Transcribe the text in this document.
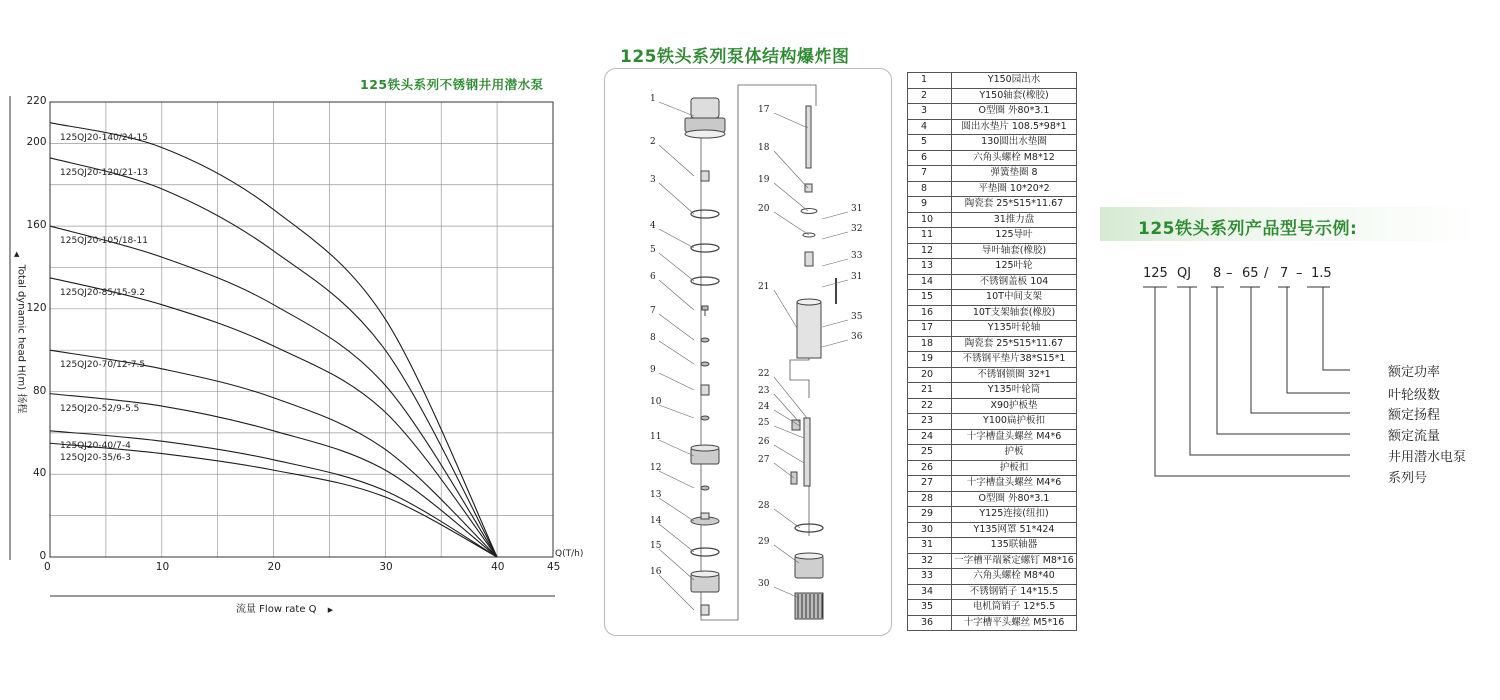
125铁头系列不锈钢井用潜水泵
0	10	20	30	40	45
0
40
80
120
160
200
220
125QJ20-140/24-15
125QJ20-120/21-13
125QJ20-105/18-11
125QJ20-85/15-9.2
125QJ20-70/12-7.5
125QJ20-52/9-5.5
125QJ20-40/7-4
125QJ20-35/6-3
Q(T/h)
流量 Flow rate Q ▶
▲
Total dynamic head H(m) 扬程
125铁头系列泵体结构爆炸图
1
2
3
4
5
6
7
8
9
10
11
12
13
14
15
16
17
18
19
20
21
22
23
24
25
26
27
28
29
30
31
32
33
31
35
36
1	Y150园出水
2	Y150轴套(橡胶)
3	O型圈 外80*3.1
4	圆出水垫片 108.5*98*1
5	130圆出水垫圈
6	六角头螺栓 M8*12
7	弹簧垫圈 8
8	平垫圈 10*20*2
9	陶瓷套 25*S15*11.67
10	31推力盘
11	125导叶
12	导叶轴套(橡胶)
13	125叶轮
14	不锈钢盖板 104
15	10T中间支架
16	10T支架轴套(橡胶)
17	Y135叶轮轴
18	陶瓷套 25*S15*11.67
19	不锈钢平垫片38*S15*1
20	不锈钢锁圈 32*1
21	Y135叶轮筒
22	X90护板垫
23	Y100扁护板扣
24	十字槽盘头螺丝 M4*6
25	护板
26	护板扣
27	十字槽盘头螺丝 M4*6
28	O型圈 外80*3.1
29	Y125连接(纽扣)
30	Y135网罩 51*424
31	135联轴器
32	一字槽平端紧定螺钉 M8*16
33	六角头螺栓 M8*40
34	不锈钢销子 14*15.5
35	电机筒销子 12*5.5
36	十字槽平头螺丝 M5*16
125铁头系列产品型号示例:
125 QJ 8 – 65 / 7 – 1.5
额定功率
叶轮级数
额定扬程
额定流量
井用潜水电泵
系列号
